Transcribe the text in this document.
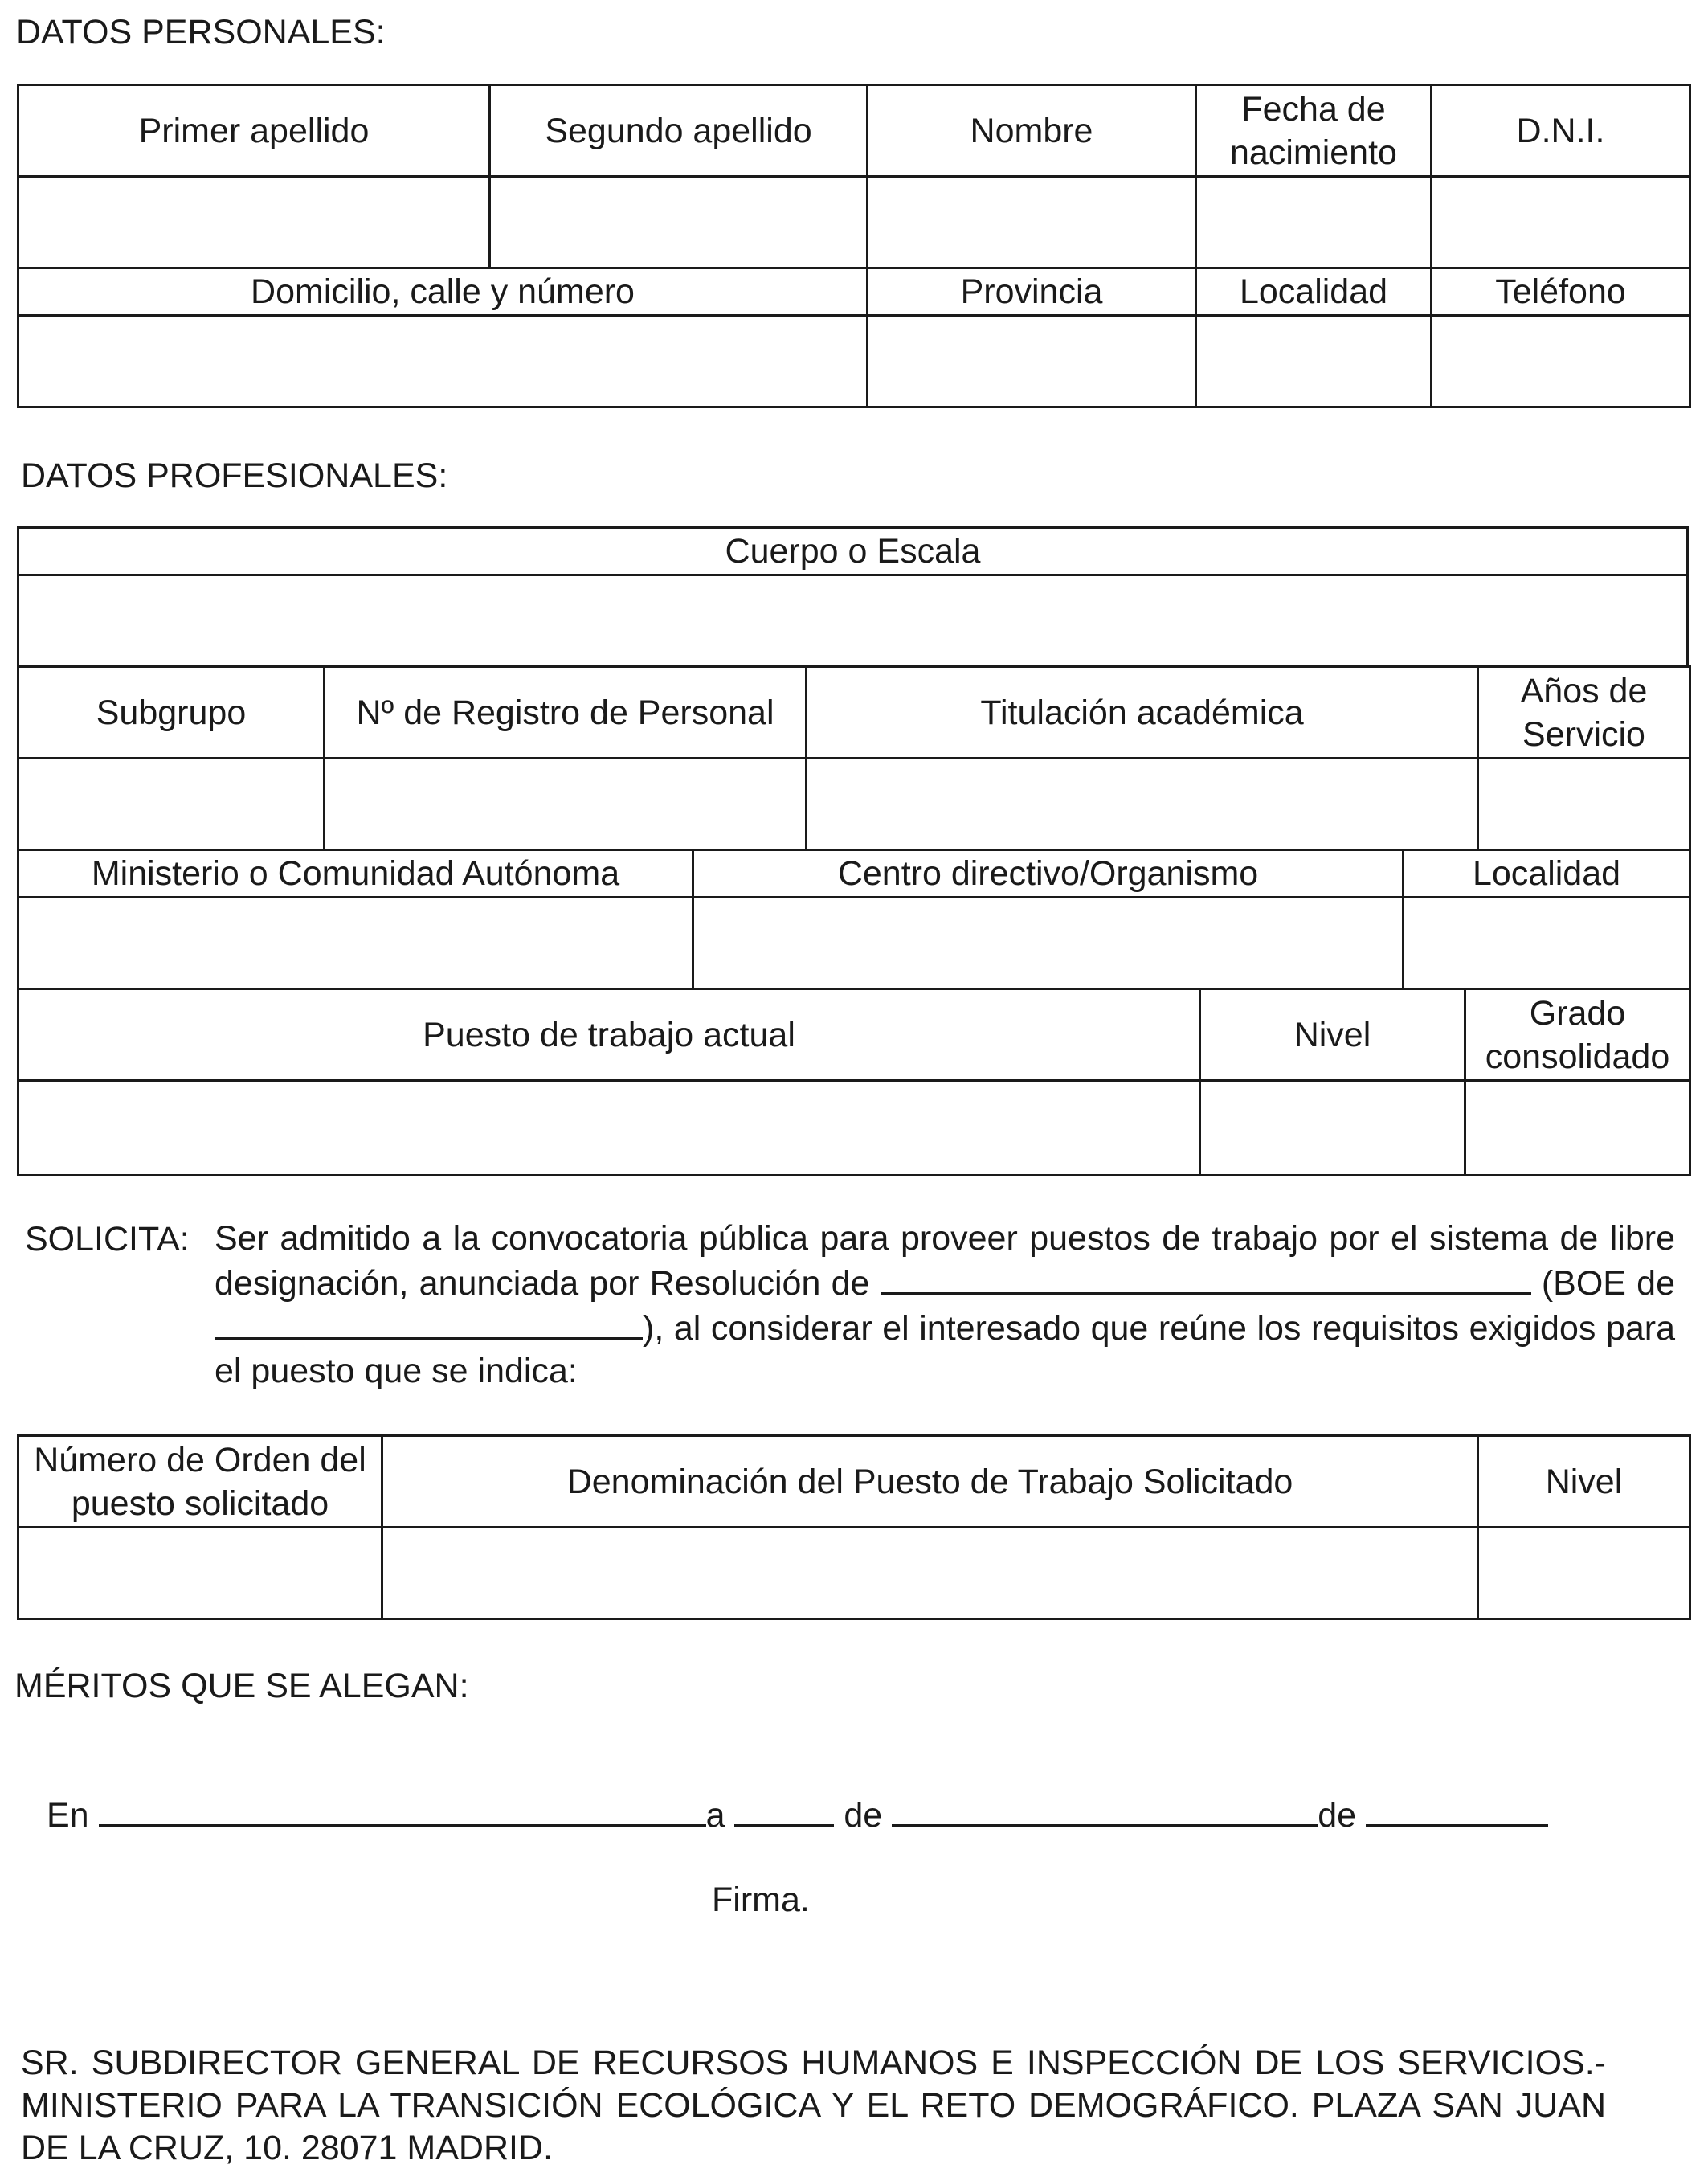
DATOS PERSONALES:
Primer apellido	Segundo apellido	Nombre	Fecha de nacimiento	D.N.I.

Domicilio, calle y número	Provincia	Localidad	Teléfono

DATOS PROFESIONALES:
Cuerpo o Escala

Subgrupo	Nº de Registro de Personal	Titulación académica	Años de Servicio

Ministerio o Comunidad Autónoma	Centro directivo/Organismo	Localidad

Puesto de trabajo actual	Nivel	Grado consolidado

SOLICITA: Ser admitido a la convocatoria pública para proveer puestos de trabajo por el sistema de libre designación, anunciada por Resolución de	(BOE de), al considerar el interesado que reúne los requisitos exigidos para el puesto que se indica:
Número de Orden del puesto solicitado	Denominación del Puesto de Trabajo Solicitado	Nivel

MÉRITOS QUE SE ALEGAN:
En	a	de	de
Firma.
SR. SUBDIRECTOR GENERAL DE RECURSOS HUMANOS E INSPECCIÓN DE LOS SERVICIOS.-MINISTERIO PARA LA TRANSICIÓN ECOLÓGICA Y EL RETO DEMOGRÁFICO. PLAZA SAN JUAN DE LA CRUZ, 10. 28071 MADRID.
